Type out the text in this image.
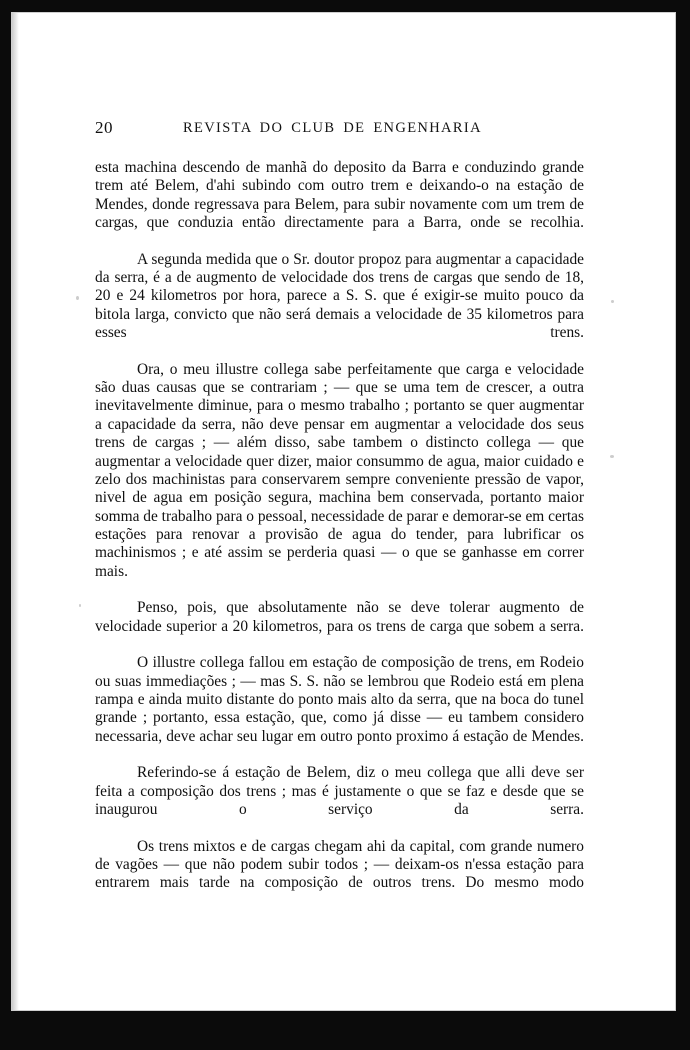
20	REVISTA DO CLUB DE ENGENHARIA

esta machina descendo de manhã do deposito da Barra e conduzindo grande trem até Belem, d'ahi subindo com outro trem e deixando-o na estação de Mendes, donde regressava para Belem, para subir novamente com um trem de cargas, que conduzia então directamente para a Barra, onde se recolhia.

A segunda medida que o Sr. doutor propoz para augmentar a capacidade da serra, é a de augmento de velocidade dos trens de cargas que sendo de 18, 20 e 24 kilometros por hora, parece a S. S. que é exigir-se muito pouco da bitola larga, convicto que não será demais a velocidade de 35 kilometros para esses trens.

Ora, o meu illustre collega sabe perfeitamente que carga e velocidade são duas causas que se contrariam ; — que se uma tem de crescer, a outra inevitavelmente diminue, para o mesmo trabalho ; portanto se quer augmentar a capacidade da serra, não deve pensar em augmentar a velocidade dos seus trens de cargas ; — além disso, sabe tambem o distincto collega — que augmentar a velocidade quer dizer, maior consummo de agua, maior cuidado e zelo dos machinistas para conservarem sempre conveniente pressão de vapor, nivel de agua em posição segura, machina bem conservada, portanto maior somma de trabalho para o pessoal, necessidade de parar e demorar-se em certas estações para renovar a provisão de agua do tender, para lubrificar os machinismos ; e até assim se perderia quasi — o que se ganhasse em correr mais.

Penso, pois, que absolutamente não se deve tolerar augmento de velocidade superior a 20 kilometros, para os trens de carga que sobem a serra.

O illustre collega fallou em estação de composição de trens, em Rodeio ou suas immediações ; — mas S. S. não se lembrou que Rodeio está em plena rampa e ainda muito distante do ponto mais alto da serra, que na boca do tunel grande ; portanto, essa estação, que, como já disse — eu tambem considero necessaria, deve achar seu lugar em outro ponto proximo á estação de Mendes.

Referindo-se á estação de Belem, diz o meu collega que alli deve ser feita a composição dos trens ; mas é justamente o que se faz e desde que se inaugurou o serviço da serra.

Os trens mixtos e de cargas chegam ahi da capital, com grande numero de vagões — que não podem subir todos ; — deixam-os n'essa estação para entrarem mais tarde na composição de outros trens. Do mesmo modo
